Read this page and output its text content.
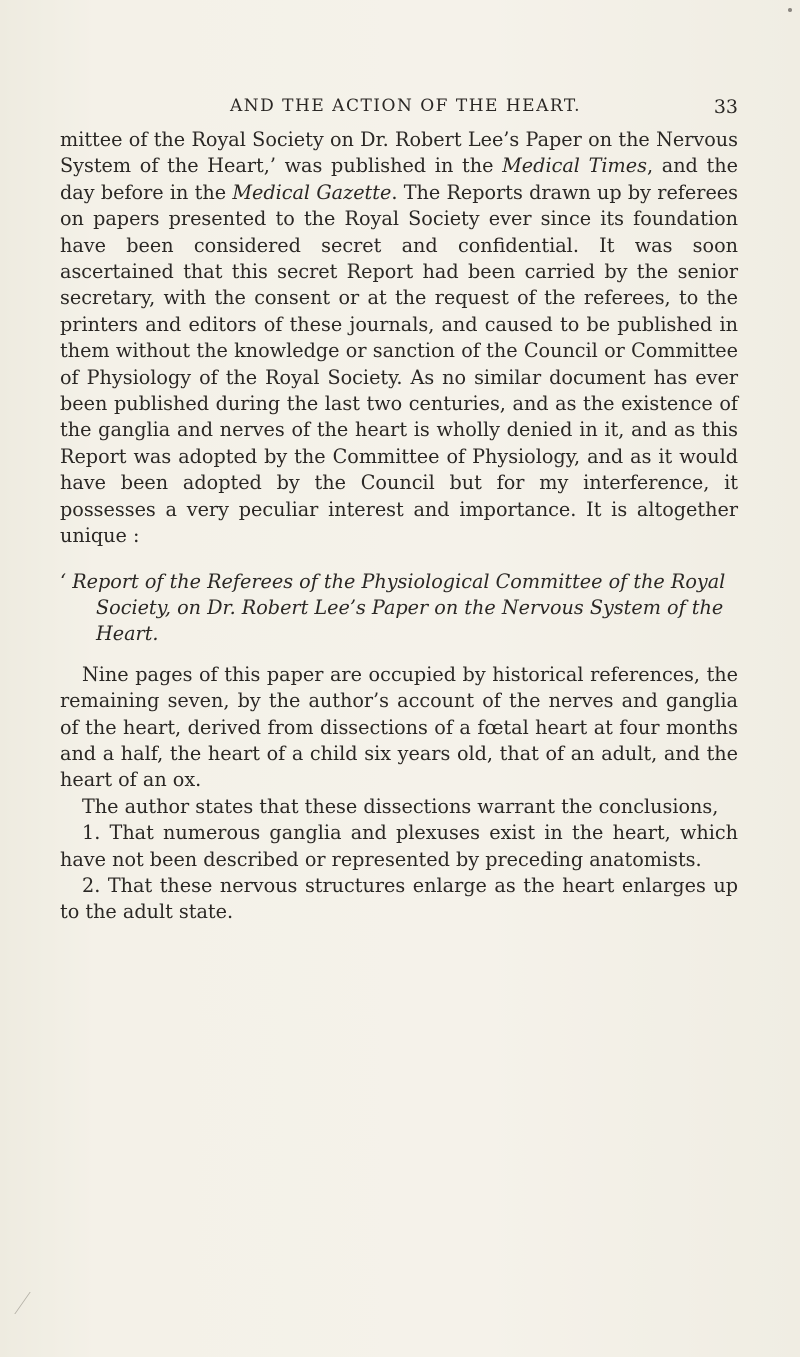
AND THE ACTION OF THE HEART.	33

mittee of the Royal Society on Dr. Robert Lee’s Paper on the Nervous System of the Heart,’ was published in the Medical Times, and the day before in the Medical Gazette. The Reports drawn up by referees on papers presented to the Royal Society ever since its foundation have been considered secret and confidential. It was soon ascertained that this secret Report had been carried by the senior secretary, with the consent or at the request of the referees, to the printers and editors of these journals, and caused to be published in them without the knowledge or sanction of the Council or Committee of Physiology of the Royal Society. As no similar document has ever been published during the last two centuries, and as the existence of the ganglia and nerves of the heart is wholly denied in it, and as this Report was adopted by the Committee of Physiology, and as it would have been adopted by the Council but for my interference, it possesses a very peculiar interest and importance. It is altogether unique :

‘ Report of the Referees of the Physiological Committee of the Royal Society, on Dr. Robert Lee’s Paper on the Nervous System of the Heart.

Nine pages of this paper are occupied by historical references, the remaining seven, by the author’s account of the nerves and ganglia of the heart, derived from dissections of a fœtal heart at four months and a half, the heart of a child six years old, that of an adult, and the heart of an ox.

The author states that these dissections warrant the conclusions,

1. That numerous ganglia and plexuses exist in the heart, which have not been described or represented by preceding anatomists.

2. That these nervous structures enlarge as the heart enlarges up to the adult state.
